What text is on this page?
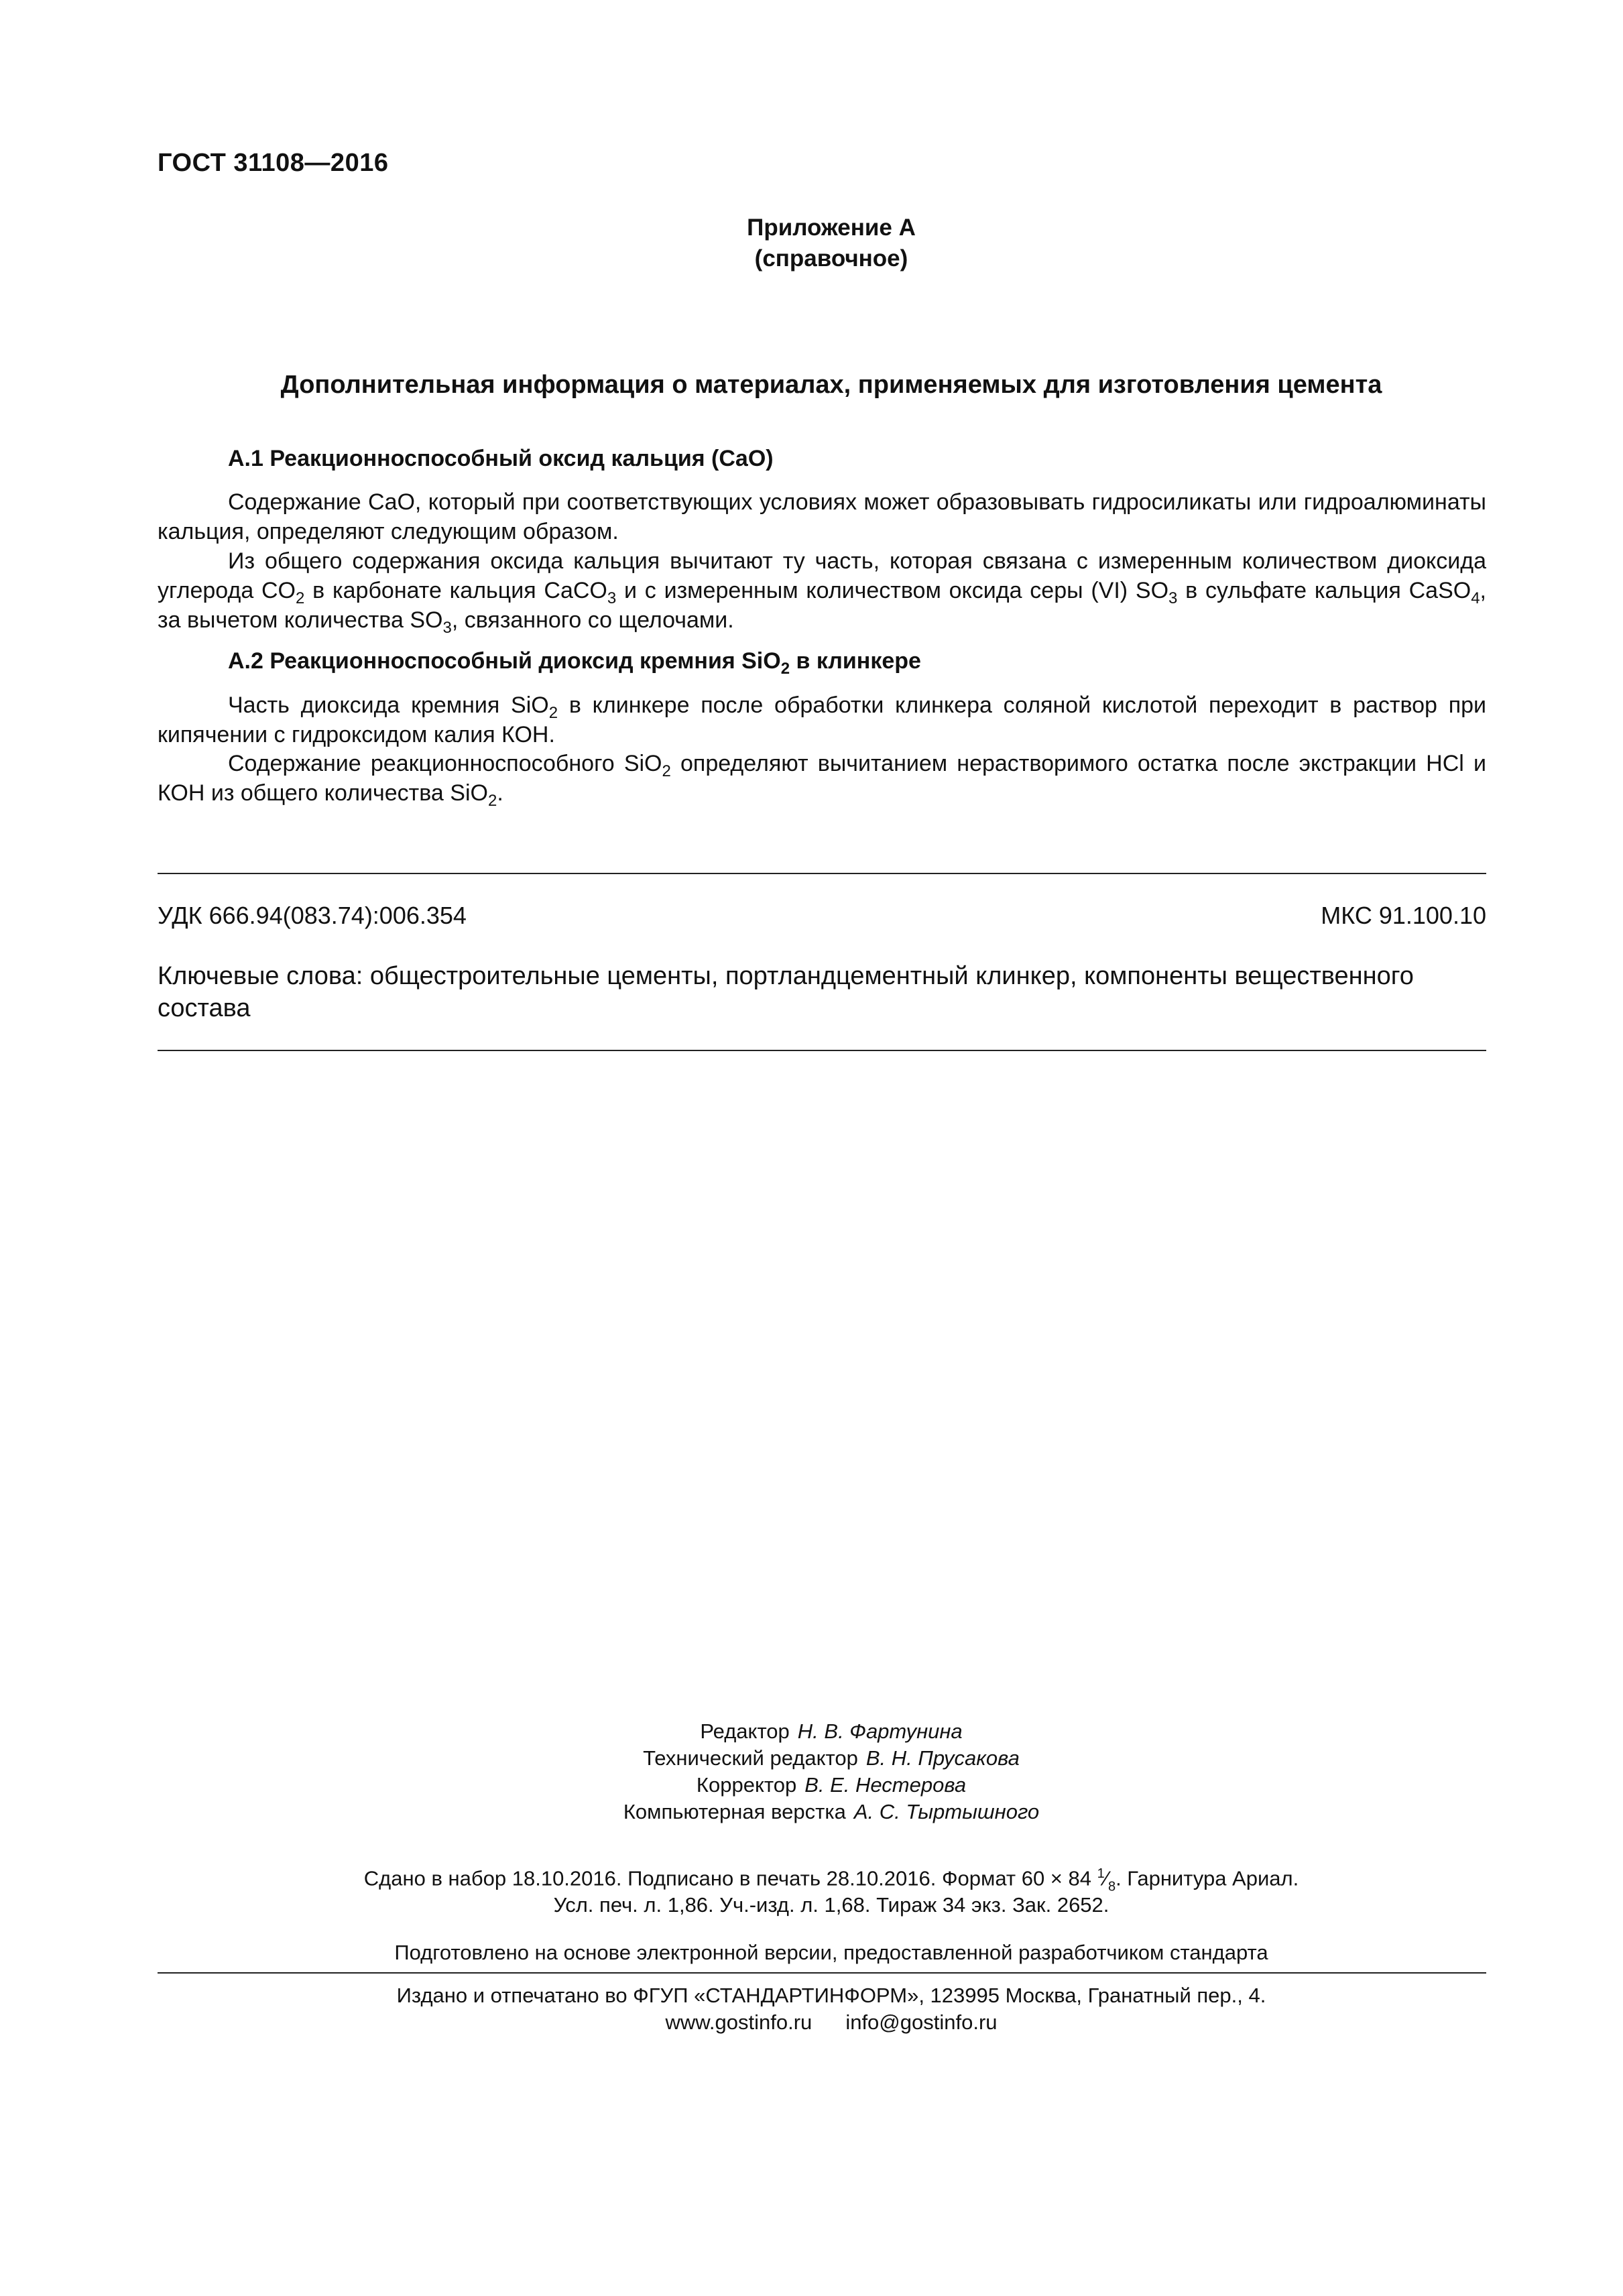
ГОСТ 31108—2016
Приложение А
(справочное)
Дополнительная информация о материалах, применяемых для изготовления цемента
А.1 Реакционноспособный оксид кальция (CaO)

Содержание CaO, который при соответствующих условиях может образовывать гидросиликаты или гидроалюминаты кальция, определяют следующим образом.

Из общего содержания оксида кальция вычитают ту часть, которая связана с измеренным количеством диоксида углерода $CO_2$ в карбонате кальция CaCO$_3$ и с измеренным количеством оксида серы (VI) $SO_3$ в сульфате кальция CaSO$_4$, за вычетом количества $SO_3$, связанного со щелочами.

А.2 Реакционноспособный диоксид кремния SiO$_2$ в клинкере

Часть диоксида кремния SiO$_2$ в клинкере после обработки клинкера соляной кислотой переходит в раствор при кипячении с гидроксидом калия КОН.

Содержание реакционноспособного SiO$_2$ определяют вычитанием нерастворимого остатка после экстракции HCl и КОН из общего количества SiO$_2$.

УДК 666.94(083.74):006.354	МКС 91.100.10
Ключевые слова: общестроительные цементы, портландцементный клинкер, компоненты вещественного состава
Редактор Н. В. Фартунина
Технический редактор В. Н. Прусакова
Корректор В. Е. Нестерова
Компьютерная верстка А. С. Тыртышного
Сдано в набор 18.10.2016. Подписано в печать 28.10.2016. Формат 60 × 84 $^1⁄_8$. Гарнитура Ариал.
Усл. печ. л. 1,86. Уч.-изд. л. 1,68. Тираж 34 экз. Зак. 2652.
Подготовлено на основе электронной версии, предоставленной разработчиком стандарта
Издано и отпечатано во ФГУП «СТАНДАРТИНФОРМ», 123995 Москва, Гранатный пер., 4.
www.gostinfo.ru info@gostinfo.ru
